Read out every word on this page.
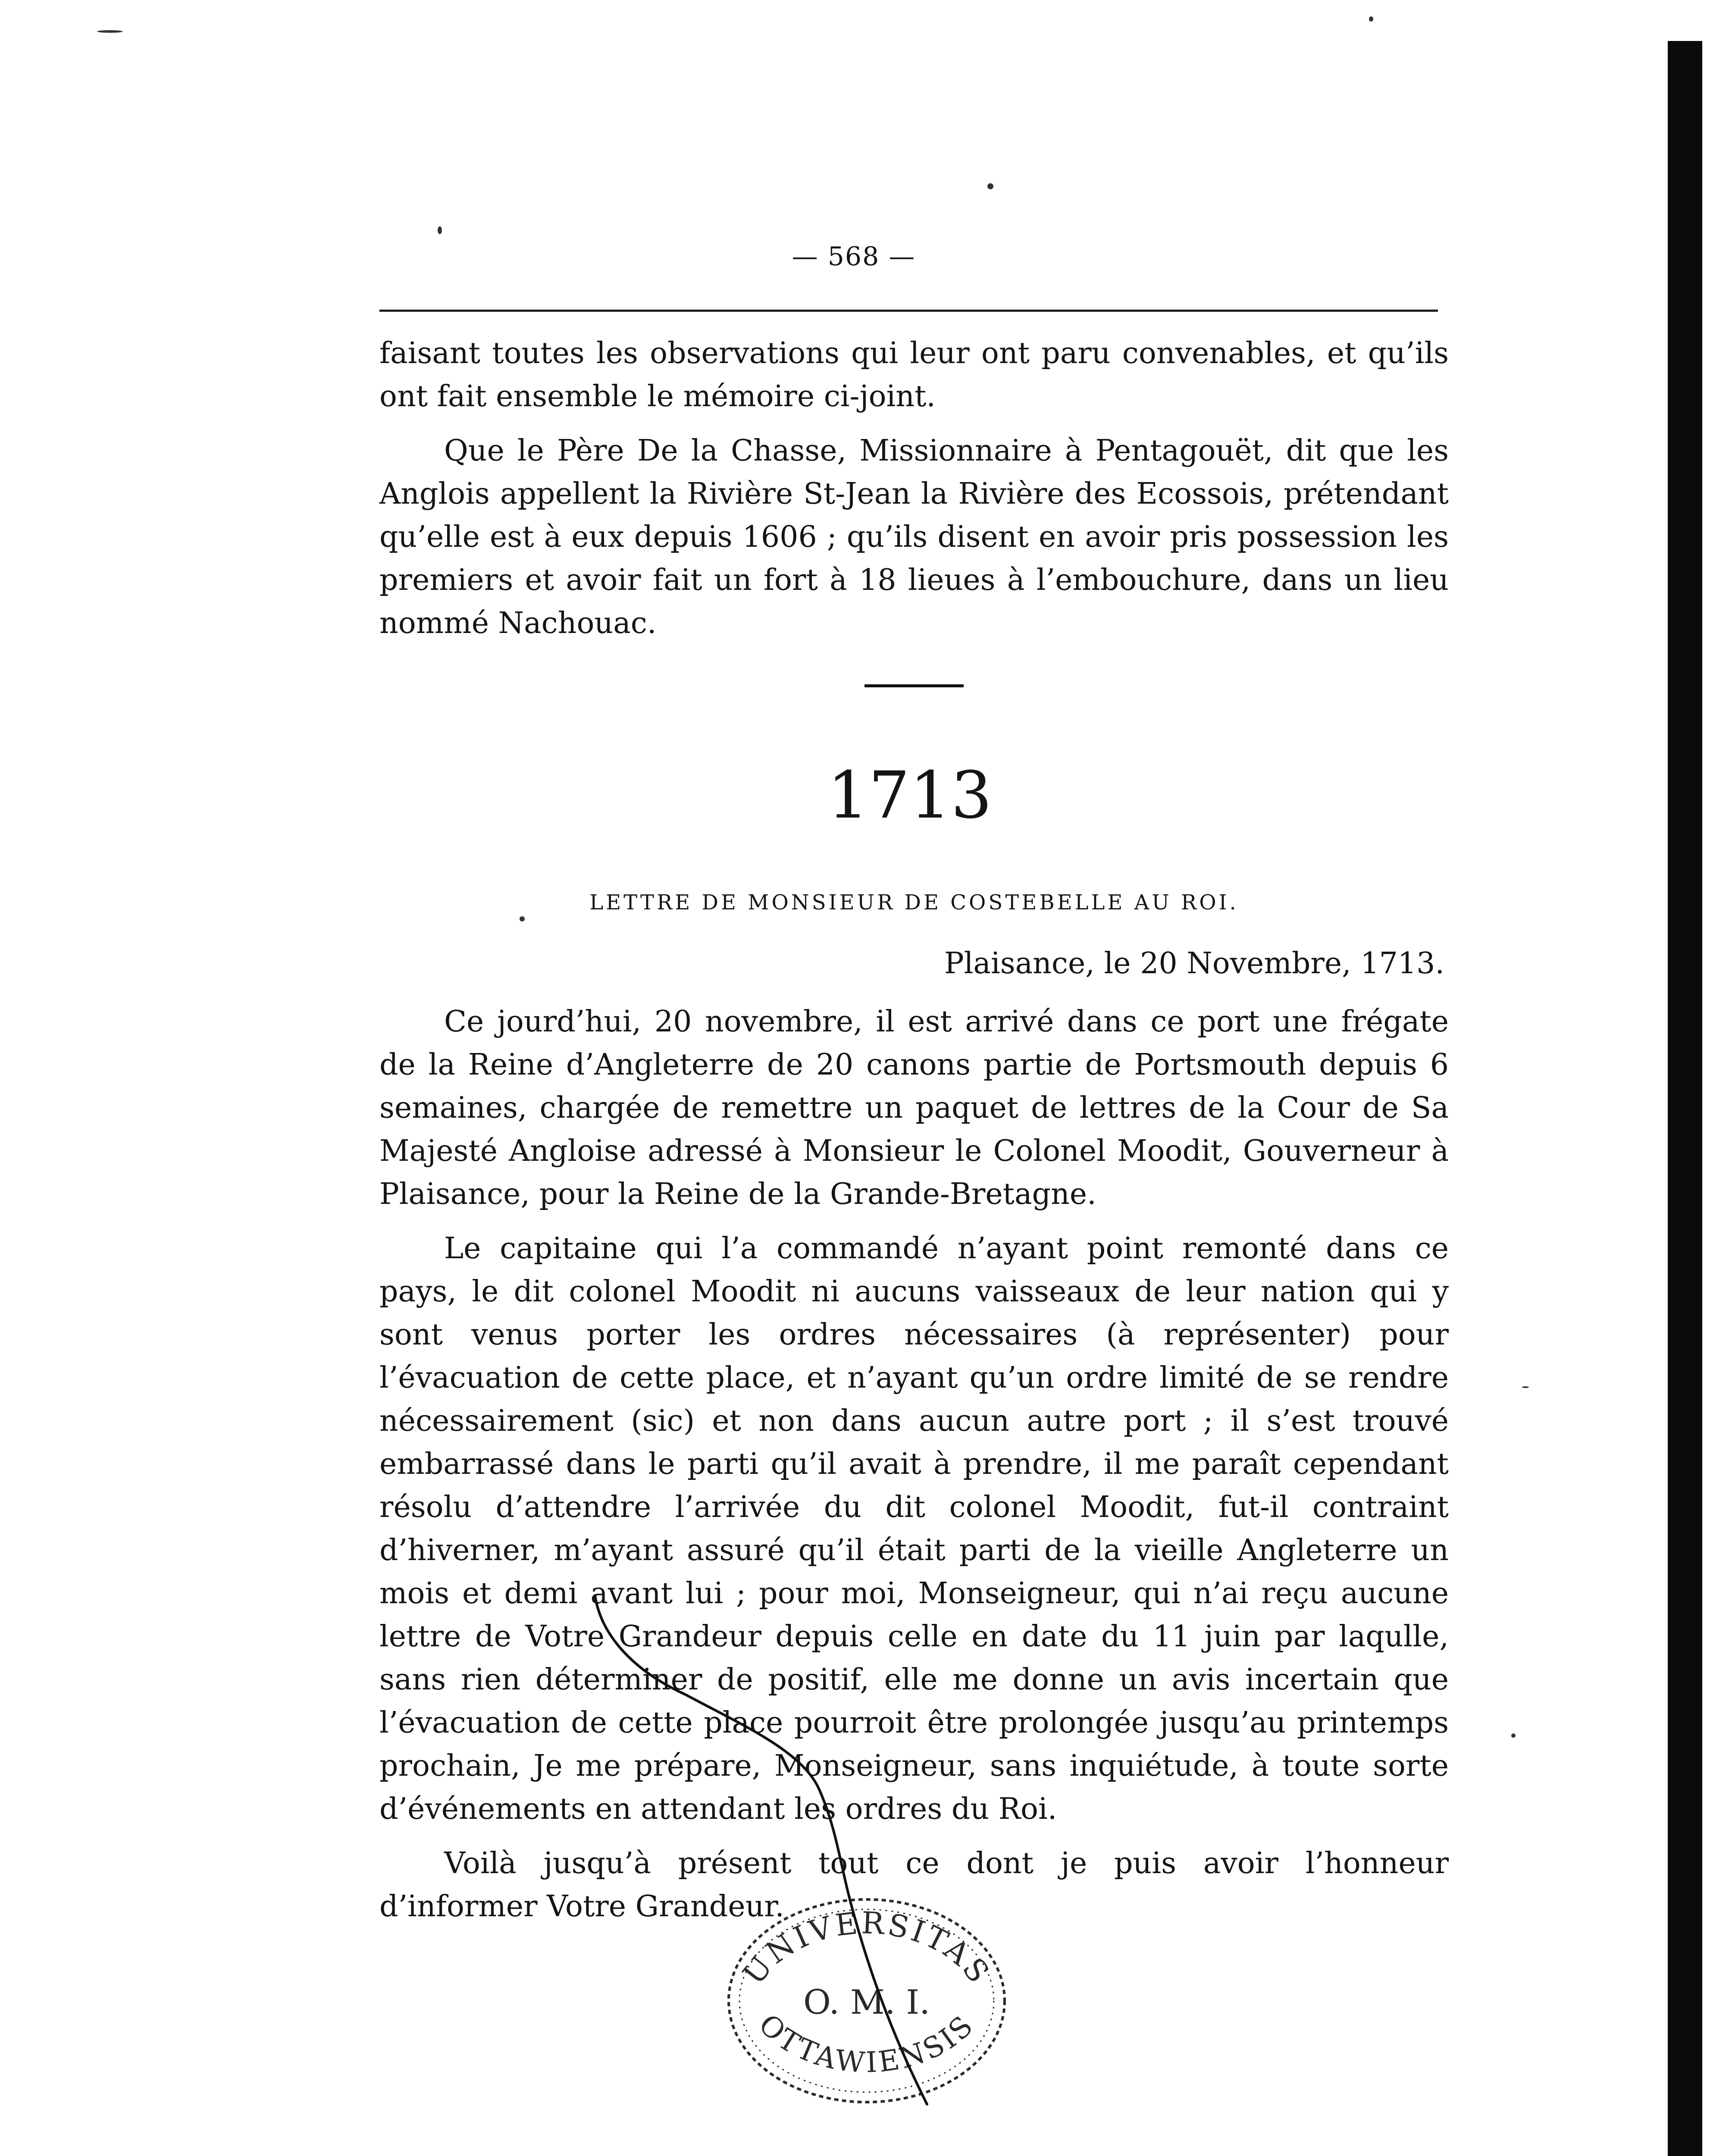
— 568 —

faisant toutes les observations qui leur ont paru convenables, et qu’ils ont fait ensemble le mémoire ci-joint.

Que le Père De la Chasse, Missionnaire à Pentagouët, dit que les Anglois appellent la Rivière St-Jean la Rivière des Ecossois, prétendant qu’elle est à eux depuis 1606 ; qu’ils disent en avoir pris possession les premiers et avoir fait un fort à 18 lieues à l’embouchure, dans un lieu nommé Nachouac.

1713
LETTRE DE MONSIEUR DE COSTEBELLE AU ROI.
Plaisance, le 20 Novembre, 1713.

Ce jourd’hui, 20 novembre, il est arrivé dans ce port une frégate de la Reine d’Angleterre de 20 canons partie de Portsmouth depuis 6 semaines, chargée de remettre un paquet de lettres de la Cour de Sa Majesté Angloise adressé à Monsieur le Colonel Moodit, Gouverneur à Plaisance, pour la Reine de la Grande-Bretagne.

Le capitaine qui l’a commandé n’ayant point remonté dans ce pays, le dit colonel Moodit ni aucuns vaisseaux de leur nation qui y sont venus porter les ordres nécessaires (à représenter) pour l’évacuation de cette place, et n’ayant qu’un ordre limité de se rendre nécessairement (sic) et non dans aucun autre port ; il s’est trouvé embarrassé dans le parti qu’il avait à prendre, il me paraît cependant résolu d’attendre l’arrivée du dit colonel Moodit, fut-il contraint d’hiverner, m’ayant assuré qu’il était parti de la vieille Angleterre un mois et demi avant lui ; pour moi, Monseigneur, qui n’ai reçu aucune lettre de Votre Grandeur depuis celle en date du 11 juin par laqulle, sans rien déterminer de positif, elle me donne un avis incertain que l’évacuation de cette place pourroit être prolongée jusqu’au printemps prochain, Je me prépare, Monseigneur, sans inquiétude, à toute sorte d’événements en attendant les ordres du Roi.

Voilà jusqu’à présent tout ce dont je puis avoir l’honneur d’informer Votre Grandeur.

UNIVERSITAS
O. M. I.
OTTAWIENSIS
